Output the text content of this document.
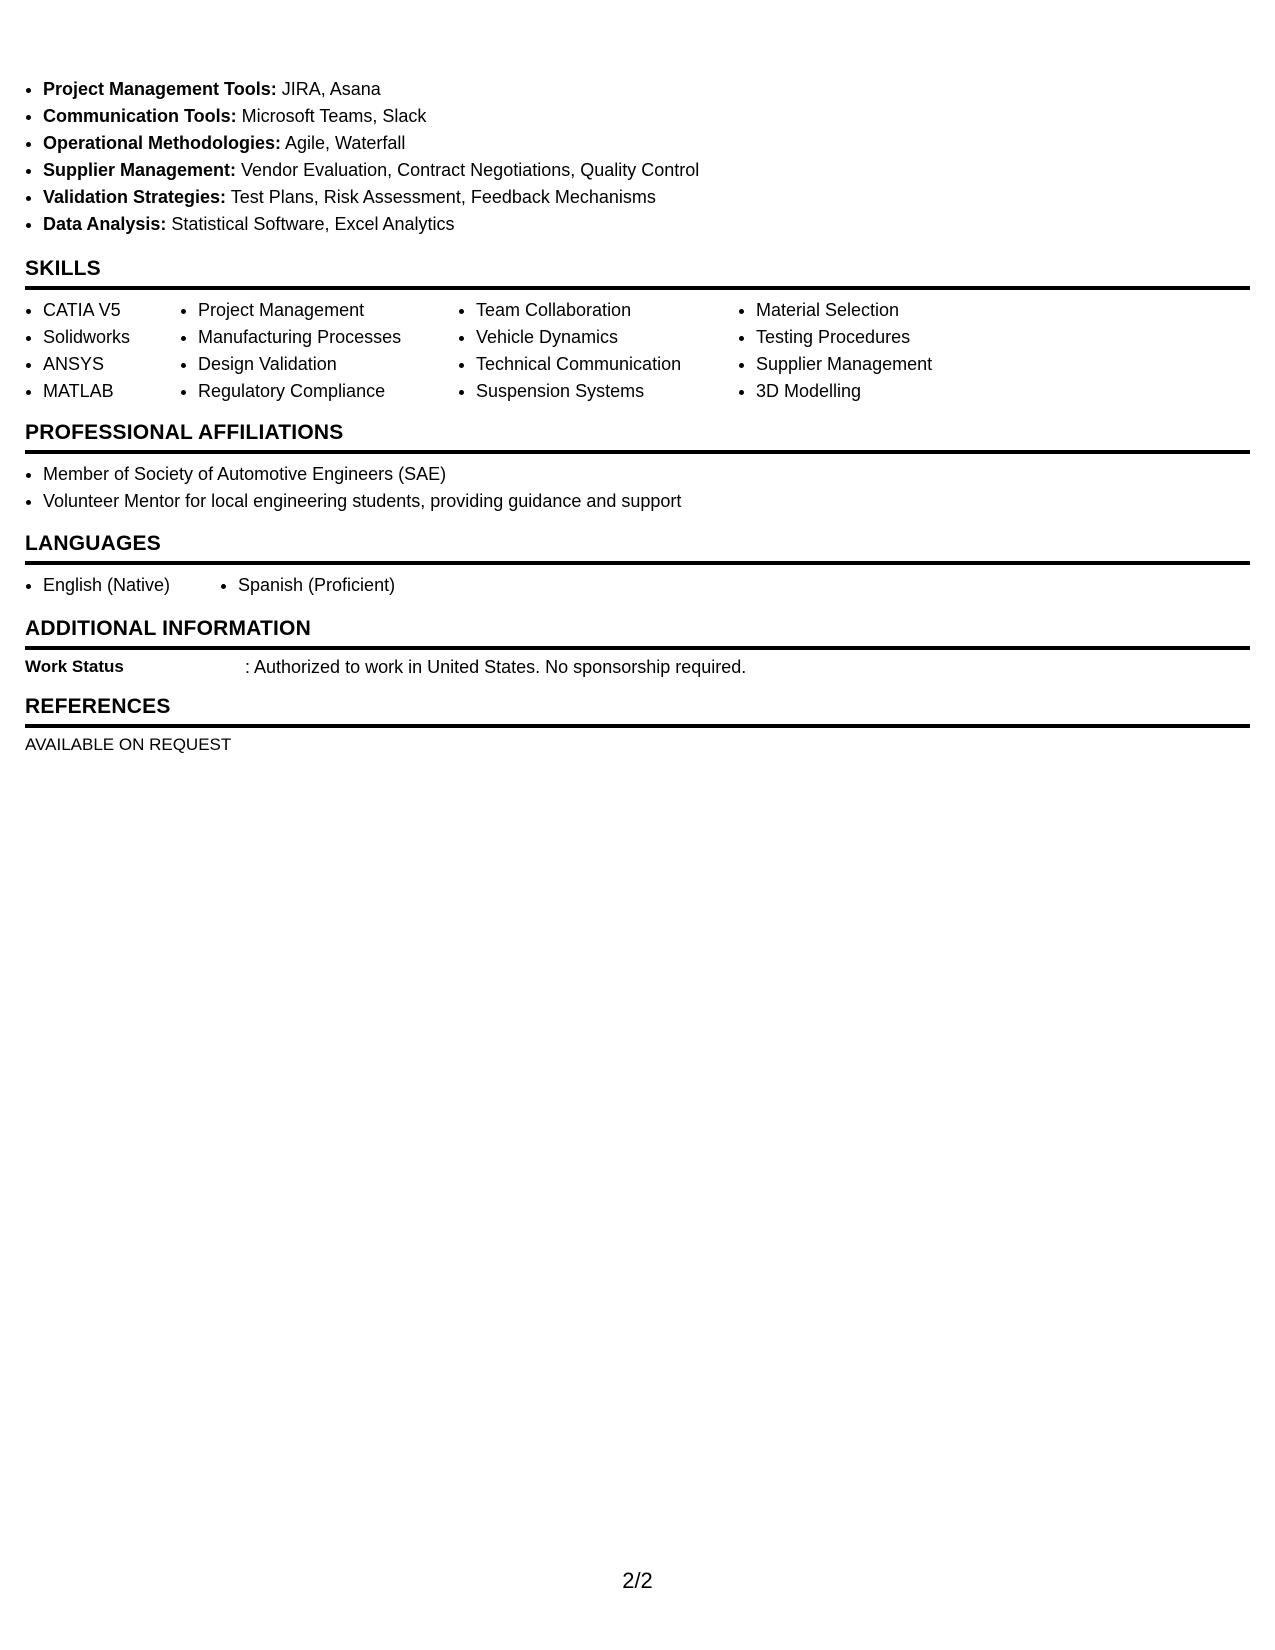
• Project Management Tools: JIRA, Asana
• Communication Tools: Microsoft Teams, Slack
• Operational Methodologies: Agile, Waterfall
• Supplier Management: Vendor Evaluation, Contract Negotiations, Quality Control
• Validation Strategies: Test Plans, Risk Assessment, Feedback Mechanisms
• Data Analysis: Statistical Software, Excel Analytics
SKILLS
• CATIA V5
• Solidworks
• ANSYS
• MATLAB
• Project Management
• Manufacturing Processes
• Design Validation
• Regulatory Compliance
• Team Collaboration
• Vehicle Dynamics
• Technical Communication
• Suspension Systems
• Material Selection
• Testing Procedures
• Supplier Management
• 3D Modelling
PROFESSIONAL AFFILIATIONS
• Member of Society of Automotive Engineers (SAE)
• Volunteer Mentor for local engineering students, providing guidance and support
LANGUAGES
• English (Native)
•	Spanish (Proficient)
ADDITIONAL INFORMATION
Work Status	: Authorized to work in United States. No sponsorship required.
REFERENCES
AVAILABLE ON REQUEST
2/2
